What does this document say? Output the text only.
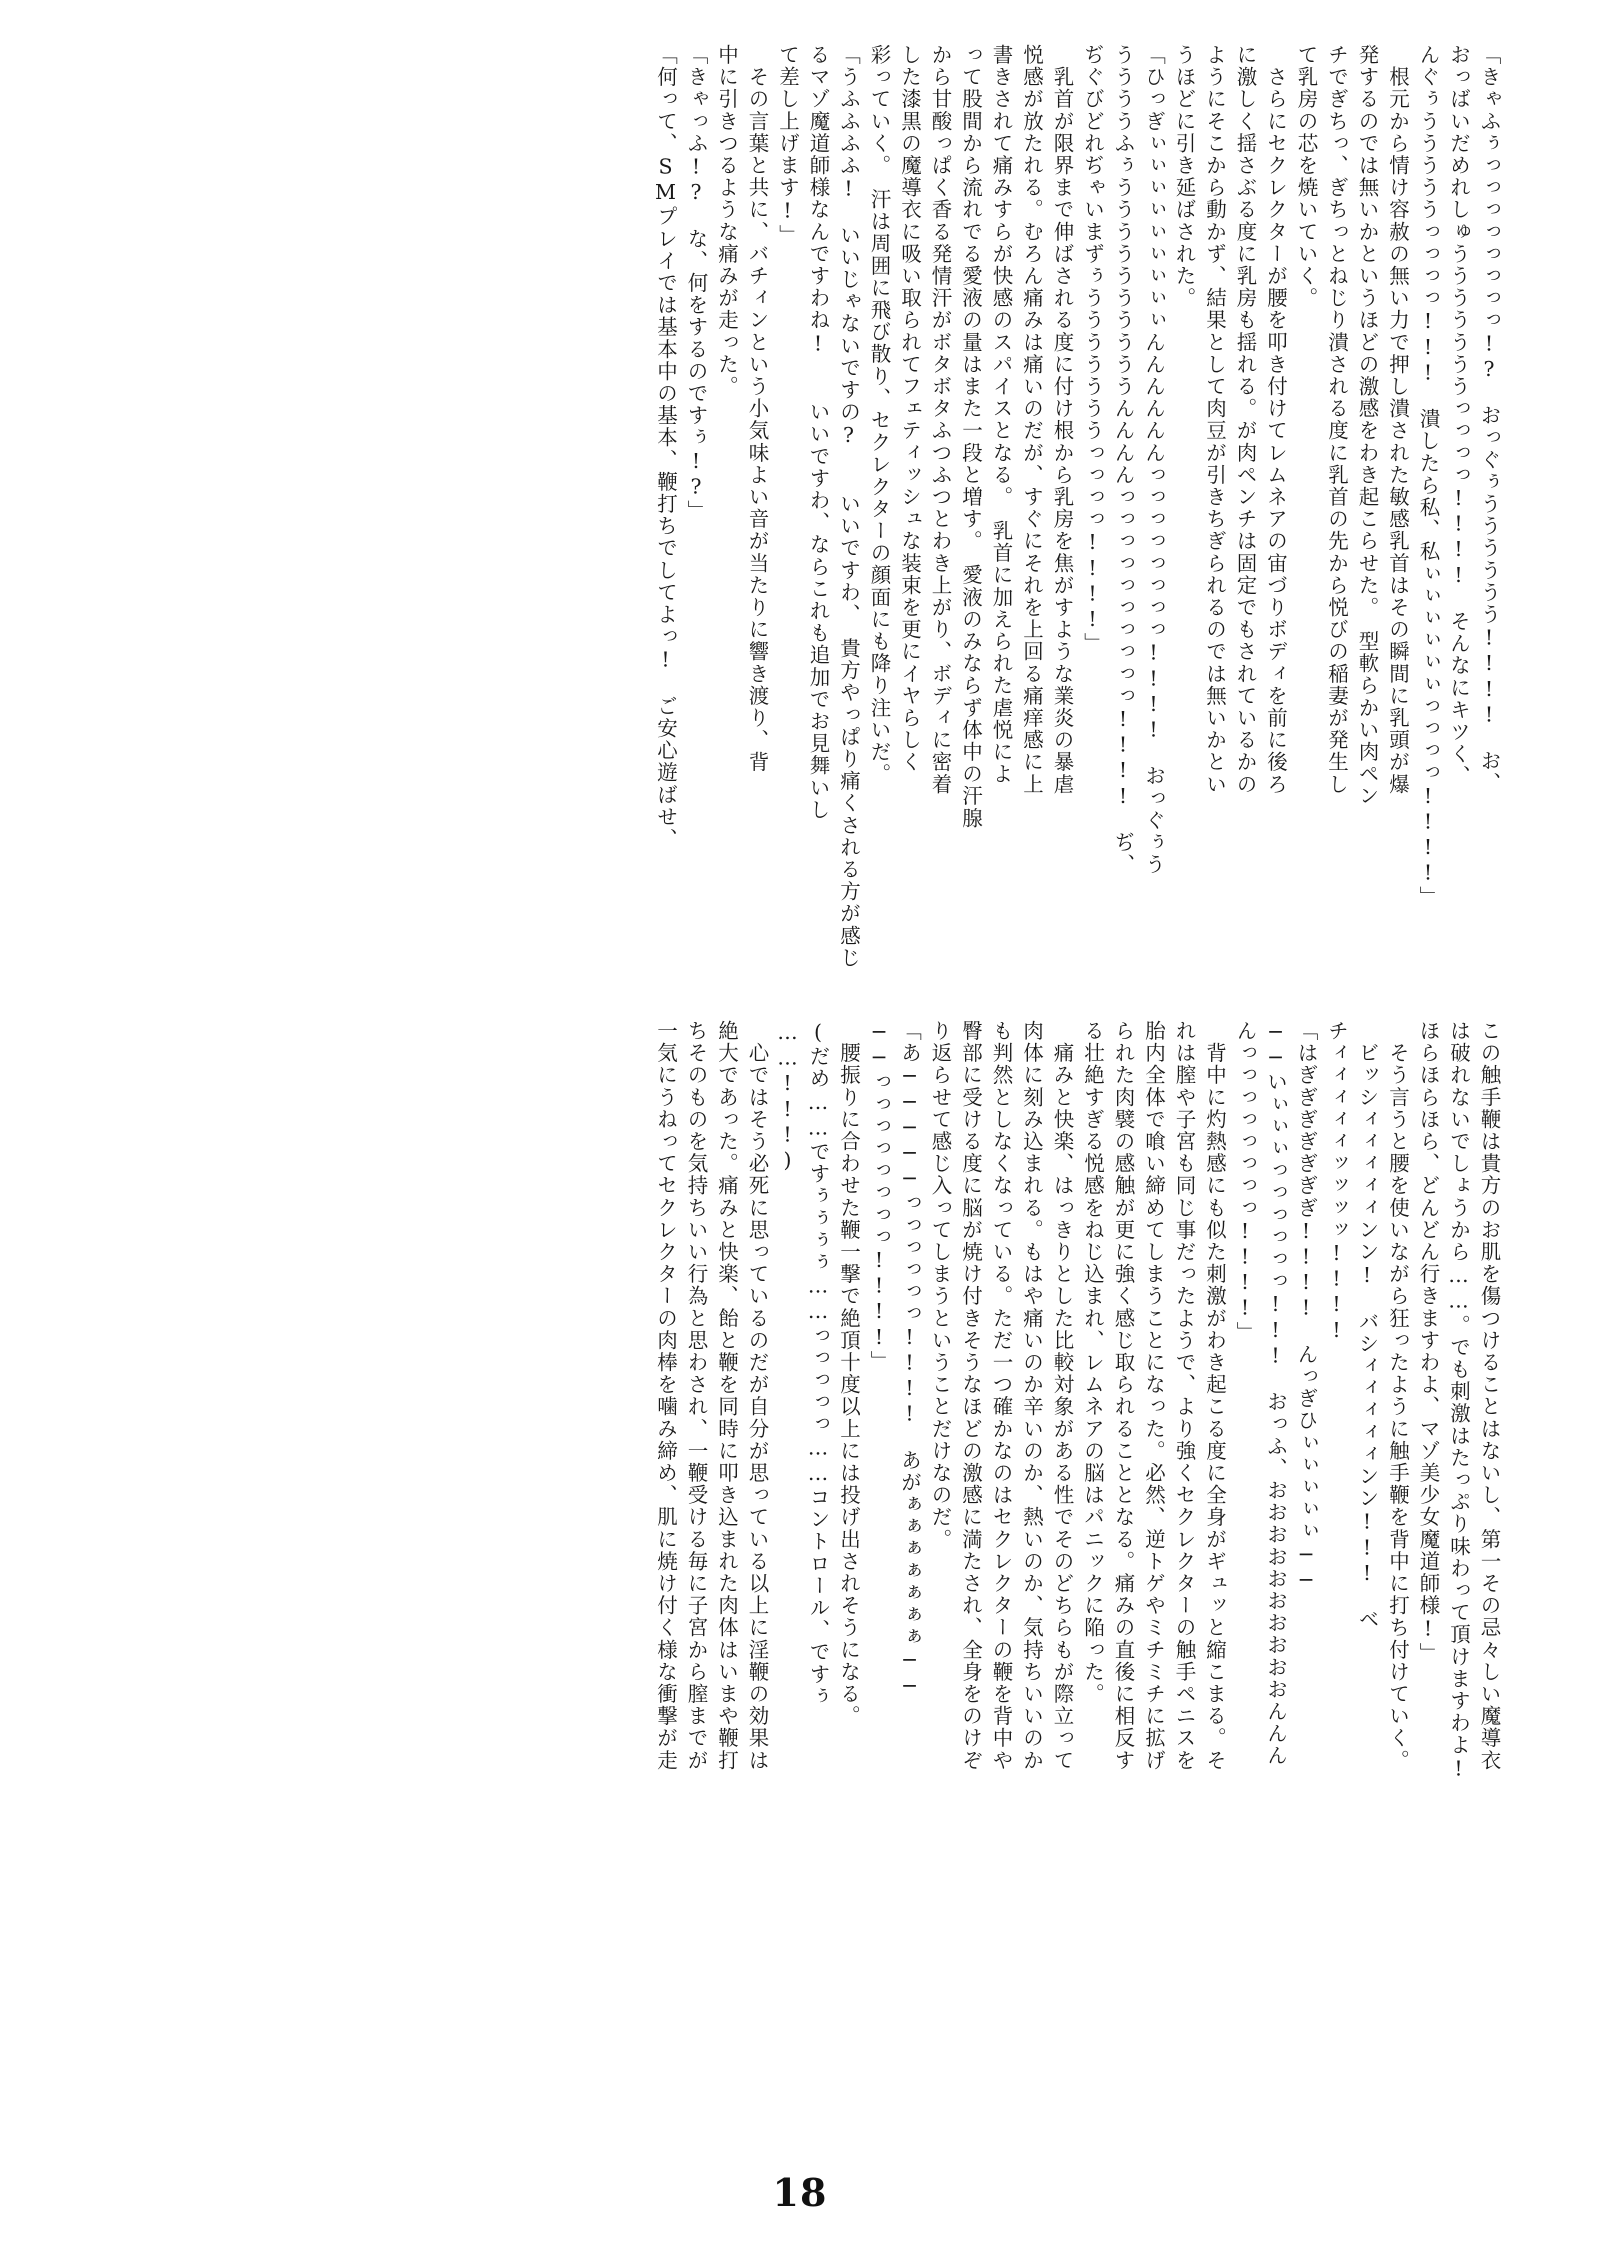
「きゃふぅっっっっっっっっ!?　おっぐぅうううううう!!!!　お、
おっばいだめれしゅうううううううっっっっ!!!!　そんなにキツく、
んぐぅうううううっっっっ!!!　潰したら私、私ぃぃぃぃぃぃっっっっ!!!!」
　根元から情け容赦の無い力で押し潰された敏感乳首はその瞬間に乳頭が爆
発するのでは無いかというほどの激感をわき起こらせた。　型軟らかい肉ペン
チでぎちっ、ぎちっとねじり潰される度に乳首の先から悦びの稲妻が発生し
て乳房の芯を焼いていく。
　さらにセクレクターが腰を叩き付けてレムネアの宙づりボディを前に後ろ
に激しく揺さぶる度に乳房も揺れる。が肉ペンチは固定でもされているかの
ようにそこから動かず、結果として肉豆が引きちぎられるのでは無いかとい
うほどに引き延ばされた。
「ひっぎぃぃぃぃぃぃぃぃぃんんんんんんっっっっっっっっ!!!!　おっぐぅう
ううううふぅううううううううううんんんんっっっっっっっっっっ!!!!　ぢ、
ぢぐびどれぢゃいまずぅうううううううっっっっ!!!!」
　乳首が限界まで伸ばされる度に付け根から乳房を焦がすような業炎の暴虐
悦感が放たれる。むろん痛みは痛いのだが、すぐにそれを上回る痛痒感に上
書きされて痛みすらが快感のスパイスとなる。　乳首に加えられた虐悦によ
って股間から流れでる愛液の量はまた一段と増す。　愛液のみならず体中の汗腺
から甘酸っぱく香る発情汗がボタボタふつふつとわき上がり、ボディに密着
した漆黒の魔導衣に吸い取られてフェティッシュな装束を更にイヤらしく
彩っていく。　汗は周囲に飛び散り、セクレクターの顔面にも降り注いだ。
「うふふふふ!　いいじゃないですの?　　いいですわ、　貴方やっぱり痛くされる方が感じ
るマゾ魔道師様なんですわね!　　いいですわ、ならこれも追加でお見舞いし
て差し上げます!」
　その言葉と共に、バチィンという小気味よい音が当たりに響き渡り、背
中に引きつるような痛みが走った。
「きゃっふ!?　な、何をするのですぅ!?」
「何って、SMプレイでは基本中の基本、鞭打ちでしてよっ!　ご安心遊ばせ、
この触手鞭は貴方のお肌を傷つけることはないし、第一その忌々しい魔導衣
は破れないでしょうから……。でも刺激はたっぷり味わって頂けますわよ!
ほらほらほら、どんどん行きますわよ、マゾ美少女魔道師様!」
　そう言うと腰を使いながら狂ったように触手鞭を背中に打ち付けていく。
　ビッシィィィィィンン!　バシィィィィィンン!!!　ベ
チィィィィィッッッッ!!!!
「はぎぎぎぎぎぎぎ!!!!　んっぎひぃぃぃぃぃ──
──いぃぃぃっっっっっっ!!!　おっふ、おおおおおおおおおおんんん
んっっっっっっっっ!!!!」
　背中に灼熱感にも似た刺激がわき起こる度に全身がギュッと縮こまる。そ
れは膣や子宮も同じ事だったようで、より強くセクレクターの触手ペニスを
胎内全体で喰い締めてしまうことになった。必然、逆トゲやミチミチに拡げ
られた肉襞の感触が更に強く感じ取られることとなる。痛みの直後に相反す
る壮絶すぎる悦感をねじ込まれ、レムネアの脳はパニックに陥った。
　痛みと快楽、はっきりとした比較対象がある性でそのどちらもが際立って
肉体に刻み込まれる。もはや痛いのか辛いのか、熱いのか、気持ちいいのか
も判然としなくなっている。ただ一つ確かなのはセクレクターの鞭を背中や
臀部に受ける度に脳が焼け付きそうなほどの激感に満たされ、全身をのけぞ
り返らせて感じ入ってしまうということだけなのだ。
「あ─────っっっっっっ!!!!　あがぁぁぁぁぁぁぁ──
──っっっっっっっっ!!!!」
　腰振りに合わせた鞭一撃で絶頂十度以上には投げ出されそうになる。
(だめ……ですぅぅぅぅ……っっっっっ……コントロール、ですぅ
……!!!)
　心ではそう必死に思っているのだが自分が思っている以上に淫鞭の効果は
絶大であった。痛みと快楽、飴と鞭を同時に叩き込まれた肉体はいまや鞭打
ちそのものを気持ちいい行為と思わされ、一鞭受ける毎に子宮から膣までが
一気にうねってセクレクターの肉棒を噛み締め、肌に焼け付く様な衝撃が走
18
